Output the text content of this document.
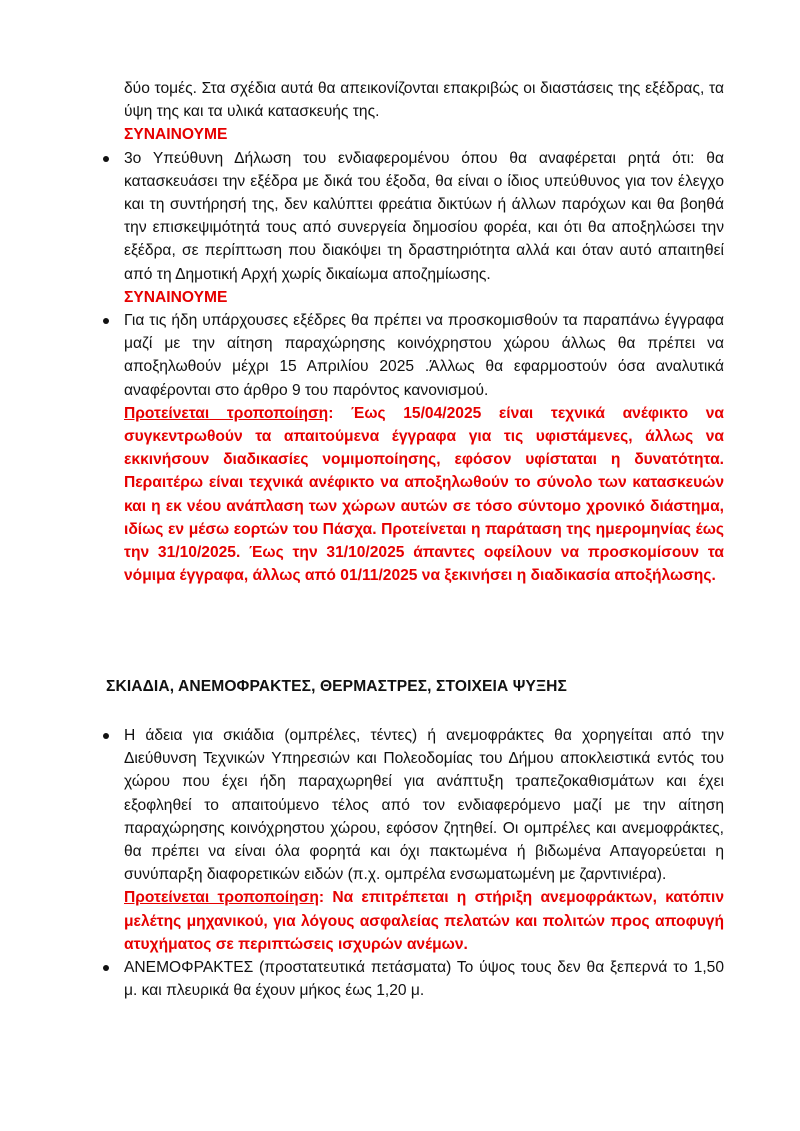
δύο τομές. Στα σχέδια αυτά θα απεικονίζονται επακριβώς οι διαστάσεις της εξέδρας, τα ύψη της και τα υλικά κατασκευής της.

ΣΥΝΑΙΝΟΥΜΕ

3ο Υπεύθυνη Δήλωση του ενδιαφερομένου όπου θα αναφέρεται ρητά ότι: θα κατασκευάσει την εξέδρα με δικά του έξοδα, θα είναι ο ίδιος υπεύθυνος για τον έλεγχο και τη συντήρησή της, δεν καλύπτει φρεάτια δικτύων ή άλλων παρόχων και θα βοηθά την επισκεψιμότητά τους από συνεργεία δημοσίου φορέα, και ότι θα αποξηλώσει την εξέδρα, σε περίπτωση που διακόψει τη δραστηριότητα αλλά και όταν αυτό απαιτηθεί από τη Δημοτική Αρχή χωρίς δικαίωμα αποζημίωσης.

ΣΥΝΑΙΝΟΥΜΕ

Για τις ήδη υπάρχουσες εξέδρες θα πρέπει να προσκομισθούν τα παραπάνω έγγραφα μαζί με την αίτηση παραχώρησης κοινόχρηστου χώρου άλλως θα πρέπει να αποξηλωθούν μέχρι 15 Απριλίου 2025 .Άλλως θα εφαρμοστούν όσα αναλυτικά αναφέρονται στο άρθρο 9 του παρόντος κανονισμού.

Προτείνεται τροποποίηση: Έως 15/04/2025 είναι τεχνικά ανέφικτο να συγκεντρωθούν τα απαιτούμενα έγγραφα για τις υφιστάμενες, άλλως να εκκινήσουν διαδικασίες νομιμοποίησης, εφόσον υφίσταται η δυνατότητα. Περαιτέρω είναι τεχνικά ανέφικτο να αποξηλωθούν το σύνολο των κατασκευών και η εκ νέου ανάπλαση των χώρων αυτών σε τόσο σύντομο χρονικό διάστημα, ιδίως εν μέσω εορτών του Πάσχα. Προτείνεται η παράταση της ημερομηνίας έως την 31/10/2025. Έως την 31/10/2025 άπαντες οφείλουν να προσκομίσουν τα νόμιμα έγγραφα, άλλως από 01/11/2025 να ξεκινήσει η διαδικασία αποξήλωσης.

ΣΚΙΑΔΙΑ, ΑΝΕΜΟΦΡΑΚΤΕΣ, ΘΕΡΜΑΣΤΡΕΣ, ΣΤΟΙΧΕΙΑ ΨΥΞΗΣ

Η άδεια για σκιάδια (ομπρέλες, τέντες) ή ανεμοφράκτες θα χορηγείται από την Διεύθυνση Τεχνικών Υπηρεσιών και Πολεοδομίας του Δήμου αποκλειστικά εντός του χώρου που έχει ήδη παραχωρηθεί για ανάπτυξη τραπεζοκαθισμάτων και έχει εξοφληθεί το απαιτούμενο τέλος από τον ενδιαφερόμενο μαζί με την αίτηση παραχώρησης κοινόχρηστου χώρου, εφόσον ζητηθεί. Οι ομπρέλες και ανεμοφράκτες, θα πρέπει να είναι όλα φορητά και όχι πακτωμένα ή βιδωμένα Απαγορεύεται η συνύπαρξη διαφορετικών ειδών (π.χ. ομπρέλα ενσωματωμένη με ζαρντινιέρα).

Προτείνεται τροποποίηση: Να επιτρέπεται η στήριξη ανεμοφράκτων, κατόπιν μελέτης μηχανικού, για λόγους ασφαλείας πελατών και πολιτών προς αποφυγή ατυχήματος σε περιπτώσεις ισχυρών ανέμων.

ΑΝΕΜΟΦΡΑΚΤΕΣ (προστατευτικά πετάσματα) Το ύψος τους δεν θα ξεπερνά το 1,50 μ. και πλευρικά θα έχουν μήκος έως 1,20 μ.
